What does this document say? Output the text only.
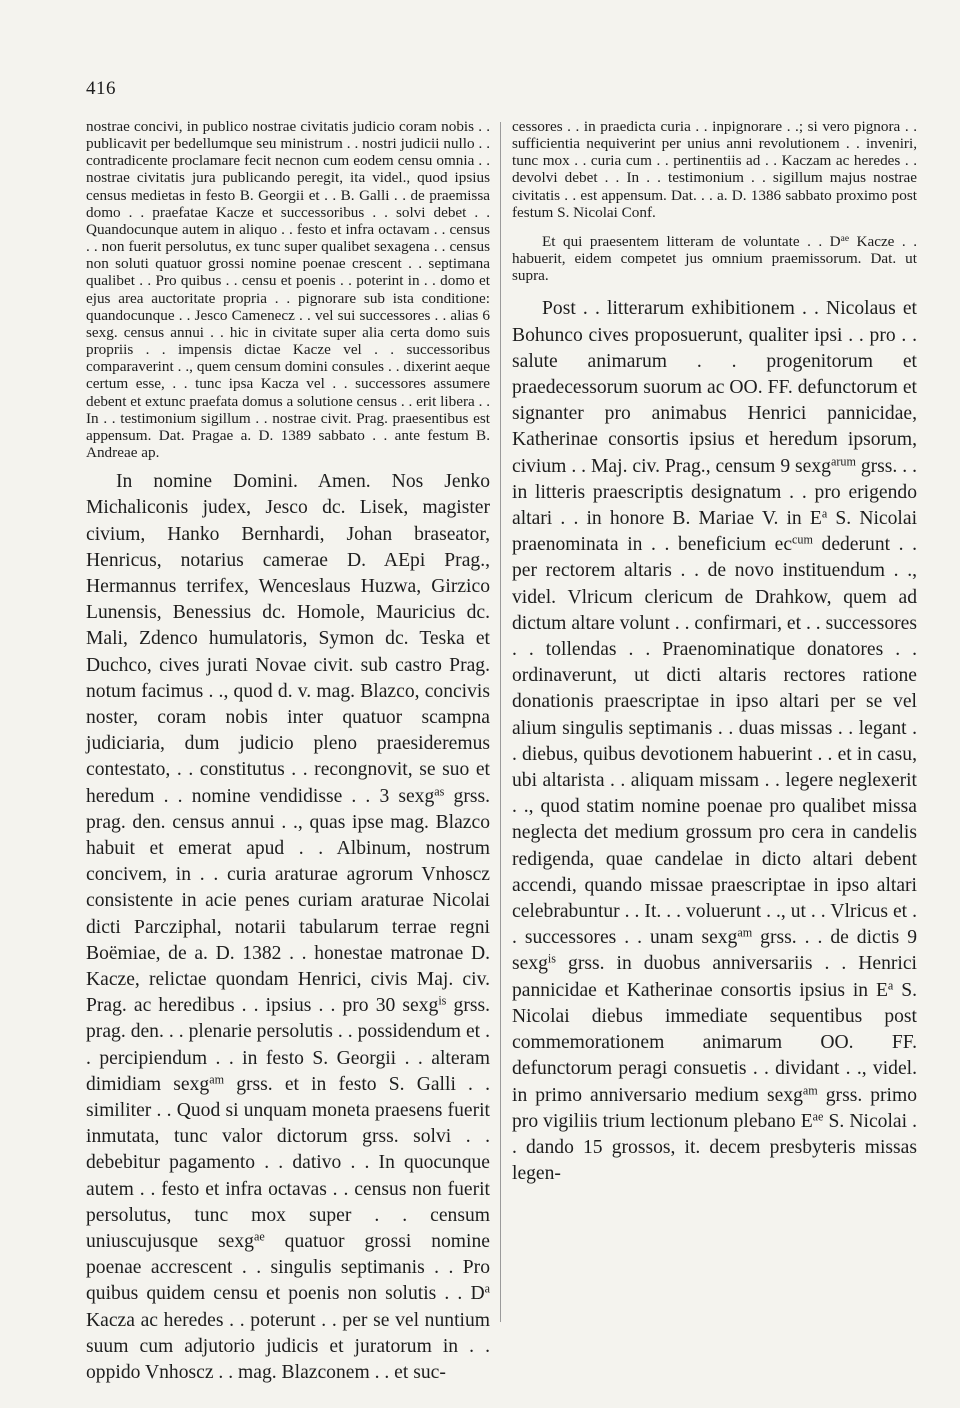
416

nostrae concivi, in publico nostrae civitatis judicio coram nobis . . publicavit per bedellumque seu ministrum . . nostri judicii nullo . . contradicente proclamare fecit necnon cum eodem censu omnia . . nostrae civitatis jura publicando peregit, ita videl., quod ipsius census medietas in festo B. Georgii et . . B. Galli . . de praemissa domo . . praefatae Kacze et successoribus . . solvi debet . . Quandocunque autem in aliquo . . festo et infra octavam . . census . . non fuerit persolutus, ex tunc super qualibet sexagena . . census non soluti quatuor grossi nomine poenae crescent . . septimana qualibet . . Pro quibus . . censu et poenis . . poterint in . . domo et ejus area auctoritate propria . . pignorare sub ista conditione: quandocunque . . Jesco Camenecz . . vel sui successores . . alias 6 sexg. census annui . . hic in civitate super alia certa domo suis propriis . . impensis dictae Kacze vel . . successoribus comparaverint . ., quem censum domini consules . . dixerint aeque certum esse, . . tunc ipsa Kacza vel . . successores assumere debent et extunc praefata domus a solutione census . . erit libera . . In . . testimonium sigillum . . nostrae civit. Prag. praesentibus est appensum. Dat. Pragae a. D. 1389 sabbato . . ante festum B. Andreae ap.

In nomine Domini. Amen. Nos Jenko Michaliconis judex, Jesco dc. Lisek, magister civium, Hanko Bernhardi, Johan braseator, Henricus, notarius camerae D. AEpi Prag., Hermannus terrifex, Wenceslaus Huzwa, Girzico Lunensis, Benessius dc. Homole, Mauricius dc. Mali, Zdenco humulatoris, Symon dc. Teska et Duchco, cives jurati Novae civit. sub castro Prag. notum facimus . ., quod d. v. mag. Blazco, concivis noster, coram nobis inter quatuor scampna judiciaria, dum judicio pleno praesideremus contestato, . . constitutus . . recongnovit, se suo et heredum . . nomine vendidisse . . 3 sexg$^{as}$ grss. prag. den. census annui . ., quas ipse mag. Blazco habuit et emerat apud . . Albinum, nostrum concivem, in . . curia araturae agrorum Vnhoscz consistente in acie penes curiam araturae Nicolai dicti Parcziphal, notarii tabularum terrae regni Boëmiae, de a. D. 1382 . . honestae matronae D. Kacze, relictae quondam Henrici, civis Maj. civ. Prag. ac heredibus . . ipsius . . pro 30 sexg$^{is}$ grss. prag. den. . . plenarie persolutis . . possidendum et . . percipiendum . . in festo S. Georgii . . alteram dimidiam sexg$^{am}$ grss. et in festo S. Galli . . similiter . . Quod si unquam moneta praesens fuerit inmutata, tunc valor dictorum grss. solvi . . debebitur pagamento . . dativo . . In quocunque autem . . festo et infra octavas . . census non fuerit persolutus, tunc mox super . . censum uniuscujusque sexg$^{ae}$ quatuor grossi nomine poenae accrescent . . singulis septimanis . . Pro quibus quidem censu et poenis non solutis . . $D^a$ Kacza ac heredes . . poterunt . . per se vel nuntium suum cum adjutorio judicis et juratorum in . . oppido Vnhoscz . . mag. Blazconem . . et suc-

cessores . . in praedicta curia . . inpignorare . .; si vero pignora . . sufficientia nequiverint per unius anni revolutionem . . inveniri, tunc mox . . curia cum . . pertinentiis ad . . Kaczam ac heredes . . devolvi debet . . In . . testimonium . . sigillum majus nostrae civitatis . . est appensum. Dat. . . a. D. 1386 sabbato proximo post festum S. Nicolai Conf.

Et qui praesentem litteram de voluntate . . $D^{ae}$ Kacze . . habuerit, eidem competet jus omnium praemissorum. Dat. ut supra.

Post . . litterarum exhibitionem . . Nicolaus et Bohunco cives proposuerunt, qualiter ipsi . . pro . . salute animarum . . progenitorum et praedecessorum suorum ac OO. FF. defunctorum et signanter pro animabus Henrici pannicidae, Katherinae consortis ipsius et heredum ipsorum, civium . . Maj. civ. Prag., censum 9 sexg$^{arum}$ grss. . . in litteris praescriptis designatum . . pro erigendo altari . . in honore B. Mariae V. in $E^a$ S. Nicolai praenominata in . . beneficium $ec^{cum}$ dederunt . . per rectorem altaris . . de novo instituendum . ., videl. Vlricum clericum de Drahkow, quem ad dictum altare volunt . . confirmari, et . . successores . . tollendas . . Praenominatique donatores . . ordinaverunt, ut dicti altaris rectores ratione donationis praescriptae in ipso altari per se vel alium singulis septimanis . . duas missas . . legant . . diebus, quibus devotionem habuerint . . et in casu, ubi altarista . . aliquam missam . . legere neglexerit . ., quod statim nomine poenae pro qualibet missa neglecta det medium grossum pro cera in candelis redigenda, quae candelae in dicto altari debent accendi, quando missae praescriptae in ipso altari celebrabuntur . . It. . . voluerunt . ., ut . . Vlricus et . . successores . . unam sexg$^{am}$ grss. . . de dictis 9 sexg$^{is}$ grss. in duobus anniversariis . . Henrici pannicidae et Katherinae consortis ipsius in $E^a$ S. Nicolai diebus immediate sequentibus post commemorationem animarum OO. FF. defunctorum peragi consuetis . . dividant . ., videl. in primo anniversario medium sexg$^{am}$ grss. primo pro vigiliis trium lectionum plebano $E^{ae}$ S. Nicolai . . dando 15 grossos, it. decem presbyteris missas legen-
